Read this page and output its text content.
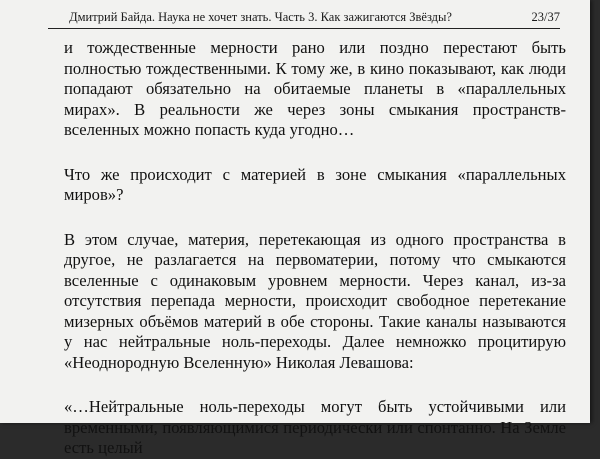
Дмитрий Байда. Наука не хочет знать. Часть 3. Как зажигаются Звёзды?	23/37

и тождественные мерности рано или поздно перестают быть полностью тождественными. К тому же, в кино показывают, как люди попадают обязательно на обитаемые планеты в «параллельных мирах». В реальности же через зоны смыкания пространств-вселенных можно попасть куда угодно…

Что же происходит с материей в зоне смыкания «параллельных миров»?

В этом случае, материя, перетекающая из одного пространства в другое, не разлагается на первоматерии, потому что смыкаются вселенные с одинаковым уровнем мерности. Через канал, из-за отсутствия перепада мерности, происходит свободное перетекание мизерных объёмов материй в обе стороны. Такие каналы называются у нас нейтральные ноль-переходы. Далее немножко процитирую «Неоднородную Вселенную» Николая Левашова:

«…Нейтральные ноль-переходы могут быть устойчивыми или временными, появляющимися периодически или спонтанно. На Земле есть целый
